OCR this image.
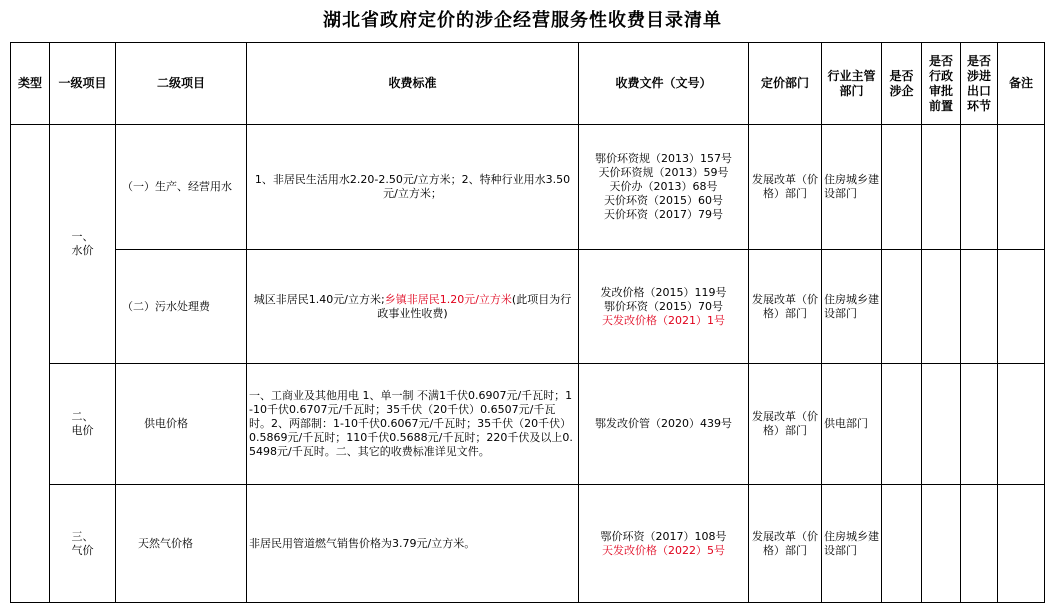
湖北省政府定价的涉企经营服务性收费目录清单
类型	一级项目	二级项目	收费标准	收费文件（文号）	定价部门	行业主管部门	是否涉企	是否行政审批前置	是否涉进出口环节	备注

	一、
水价	（一）生产、经营用水	1、非居民生活用水2.20-2.50元/立方米；2、特种行业用水3.50元/立方米；	鄂价环资规（2013）157号
天价环资规（2013）59号
天价办（2013）68号
天价环资（2015）60号
天价环资（2017）79号	发展改革（价格）部门	住房城乡建设部门				
		（二）污水处理费	城区非居民1.40元/立方米;乡镇非居民1.20元/立方米(此项目为行政事业性收费)	发改价格（2015）119号
鄂价环资（2015）70号
天发改价格（2021）1号	发展改革（价格）部门	住房城乡建设部门				

	二、
电价	供电价格	一、工商业及其他用电 1、单一制 不满1千伏0.6907元/千瓦时；1-10千伏0.6707元/千瓦时；35千伏（20千伏）0.6507元/千瓦时。2、两部制：1-10千伏0.6067元/千瓦时；35千伏（20千伏）0.5869元/千瓦时；110千伏0.5688元/千瓦时；220千伏及以上0.5498元/千瓦时。二、其它的收费标准详见文件。	鄂发改价管（2020）439号	发展改革（价格）部门	供电部门				

	三、
气价	天然气价格	非居民用管道燃气销售价格为3.79元/立方米。	鄂价环资（2017）108号
天发改价格（2022）5号	发展改革（价格）部门	住房城乡建设部门				
